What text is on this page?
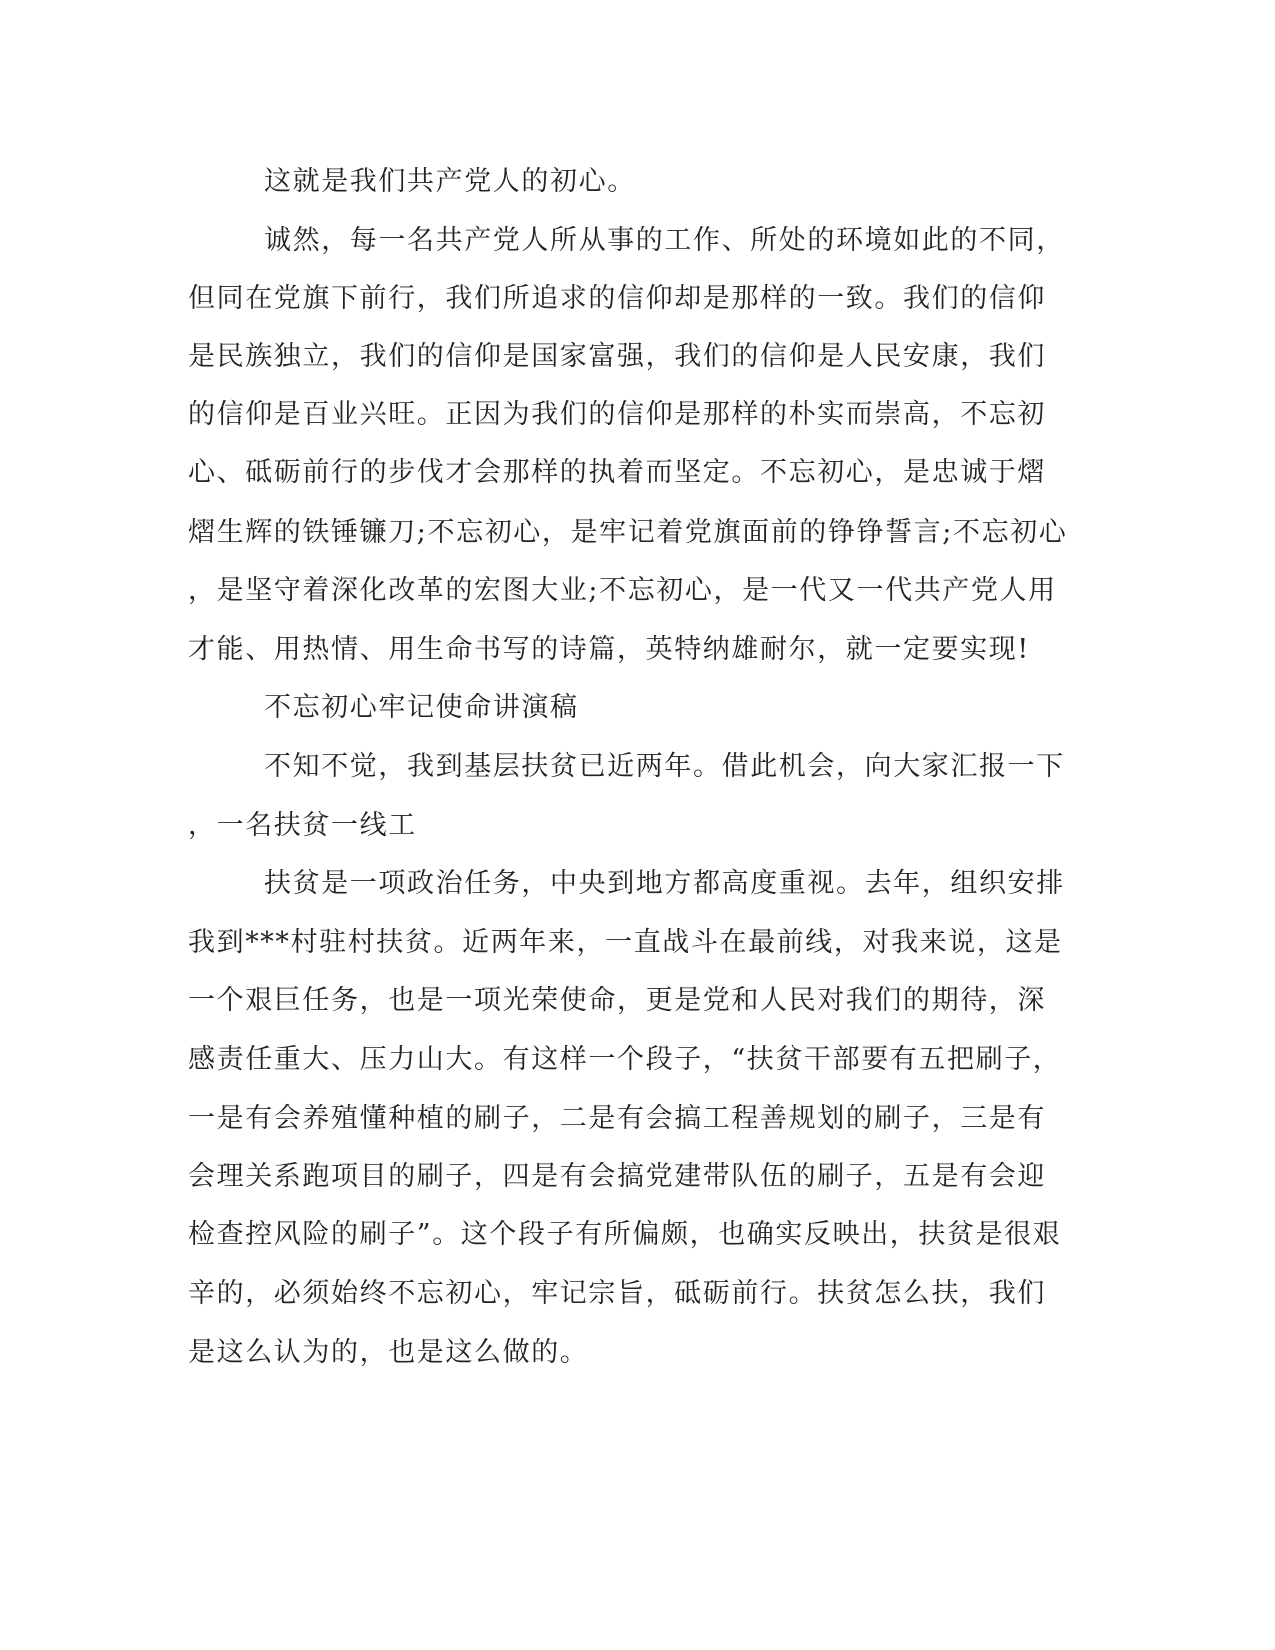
这就是我们共产党人的初心。
诚然，每一名共产党人所从事的工作、所处的环境如此的不同，
但同在党旗下前行，我们所追求的信仰却是那样的一致。我们的信仰
是民族独立，我们的信仰是国家富强，我们的信仰是人民安康，我们
的信仰是百业兴旺。正因为我们的信仰是那样的朴实而崇高，不忘初
心、砥砺前行的步伐才会那样的执着而坚定。不忘初心，是忠诚于熠
熠生辉的铁锤镰刀;不忘初心，是牢记着党旗面前的铮铮誓言;不忘初心
，是坚守着深化改革的宏图大业;不忘初心，是一代又一代共产党人用
才能、用热情、用生命书写的诗篇，英特纳雄耐尔，就一定要实现!
不忘初心牢记使命讲演稿
不知不觉，我到基层扶贫已近两年。借此机会，向大家汇报一下
，一名扶贫一线工
扶贫是一项政治任务，中央到地方都高度重视。去年，组织安排
我到***村驻村扶贫。近两年来，一直战斗在最前线，对我来说，这是
一个艰巨任务，也是一项光荣使命，更是党和人民对我们的期待，深
感责任重大、压力山大。有这样一个段子，“扶贫干部要有五把刷子，
一是有会养殖懂种植的刷子，二是有会搞工程善规划的刷子，三是有
会理关系跑项目的刷子，四是有会搞党建带队伍的刷子，五是有会迎
检查控风险的刷子”。这个段子有所偏颇，也确实反映出，扶贫是很艰
辛的，必须始终不忘初心，牢记宗旨，砥砺前行。扶贫怎么扶，我们
是这么认为的，也是这么做的。
